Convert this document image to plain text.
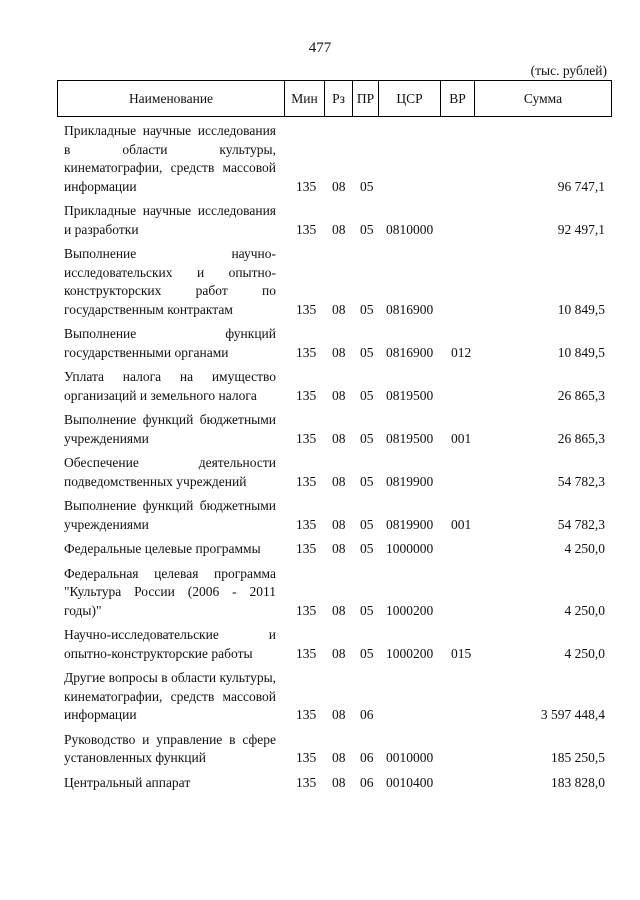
477
(тыс. рублей)
Наименование	Мин	Рз ПР	ЦСР	ВР	Сумма
Прикладные научные исследования в области культуры, кинематографии, средств массовой информации	135 08 05	96 747,1
Прикладные научные исследования и разработки	135 08 05 0810000	92 497,1
Выполнение научно-исследовательских и опытно-конструкторских работ по государственным контрактам	135 08 05 0816900	10 849,5
Выполнение функций государственными органами	135 08 05 0816900 012	10 849,5
Уплата налога на имущество организаций и земельного налога	135 08 05 0819500	26 865,3
Выполнение функций бюджетными учреждениями	135 08 05 0819500 001	26 865,3
Обеспечение деятельности подведомственных учреждений	135 08 05 0819900	54 782,3
Выполнение функций бюджетными учреждениями	135 08 05 0819900 001	54 782,3
Федеральные целевые программы	135 08 05 1000000	4 250,0
Федеральная целевая программа "Культура России (2006 - 2011 годы)"	135 08 05 1000200	4 250,0
Научно-исследовательские и опытно-конструкторские работы	135 08 05 1000200 015	4 250,0
Другие вопросы в области культуры, кинематографии, средств массовой информации	135 08 06	3 597 448,4
Руководство и управление в сфере установленных функций	135 08 06 0010000	185 250,5
Центральный аппарат	135 08 06 0010400	183 828,0
